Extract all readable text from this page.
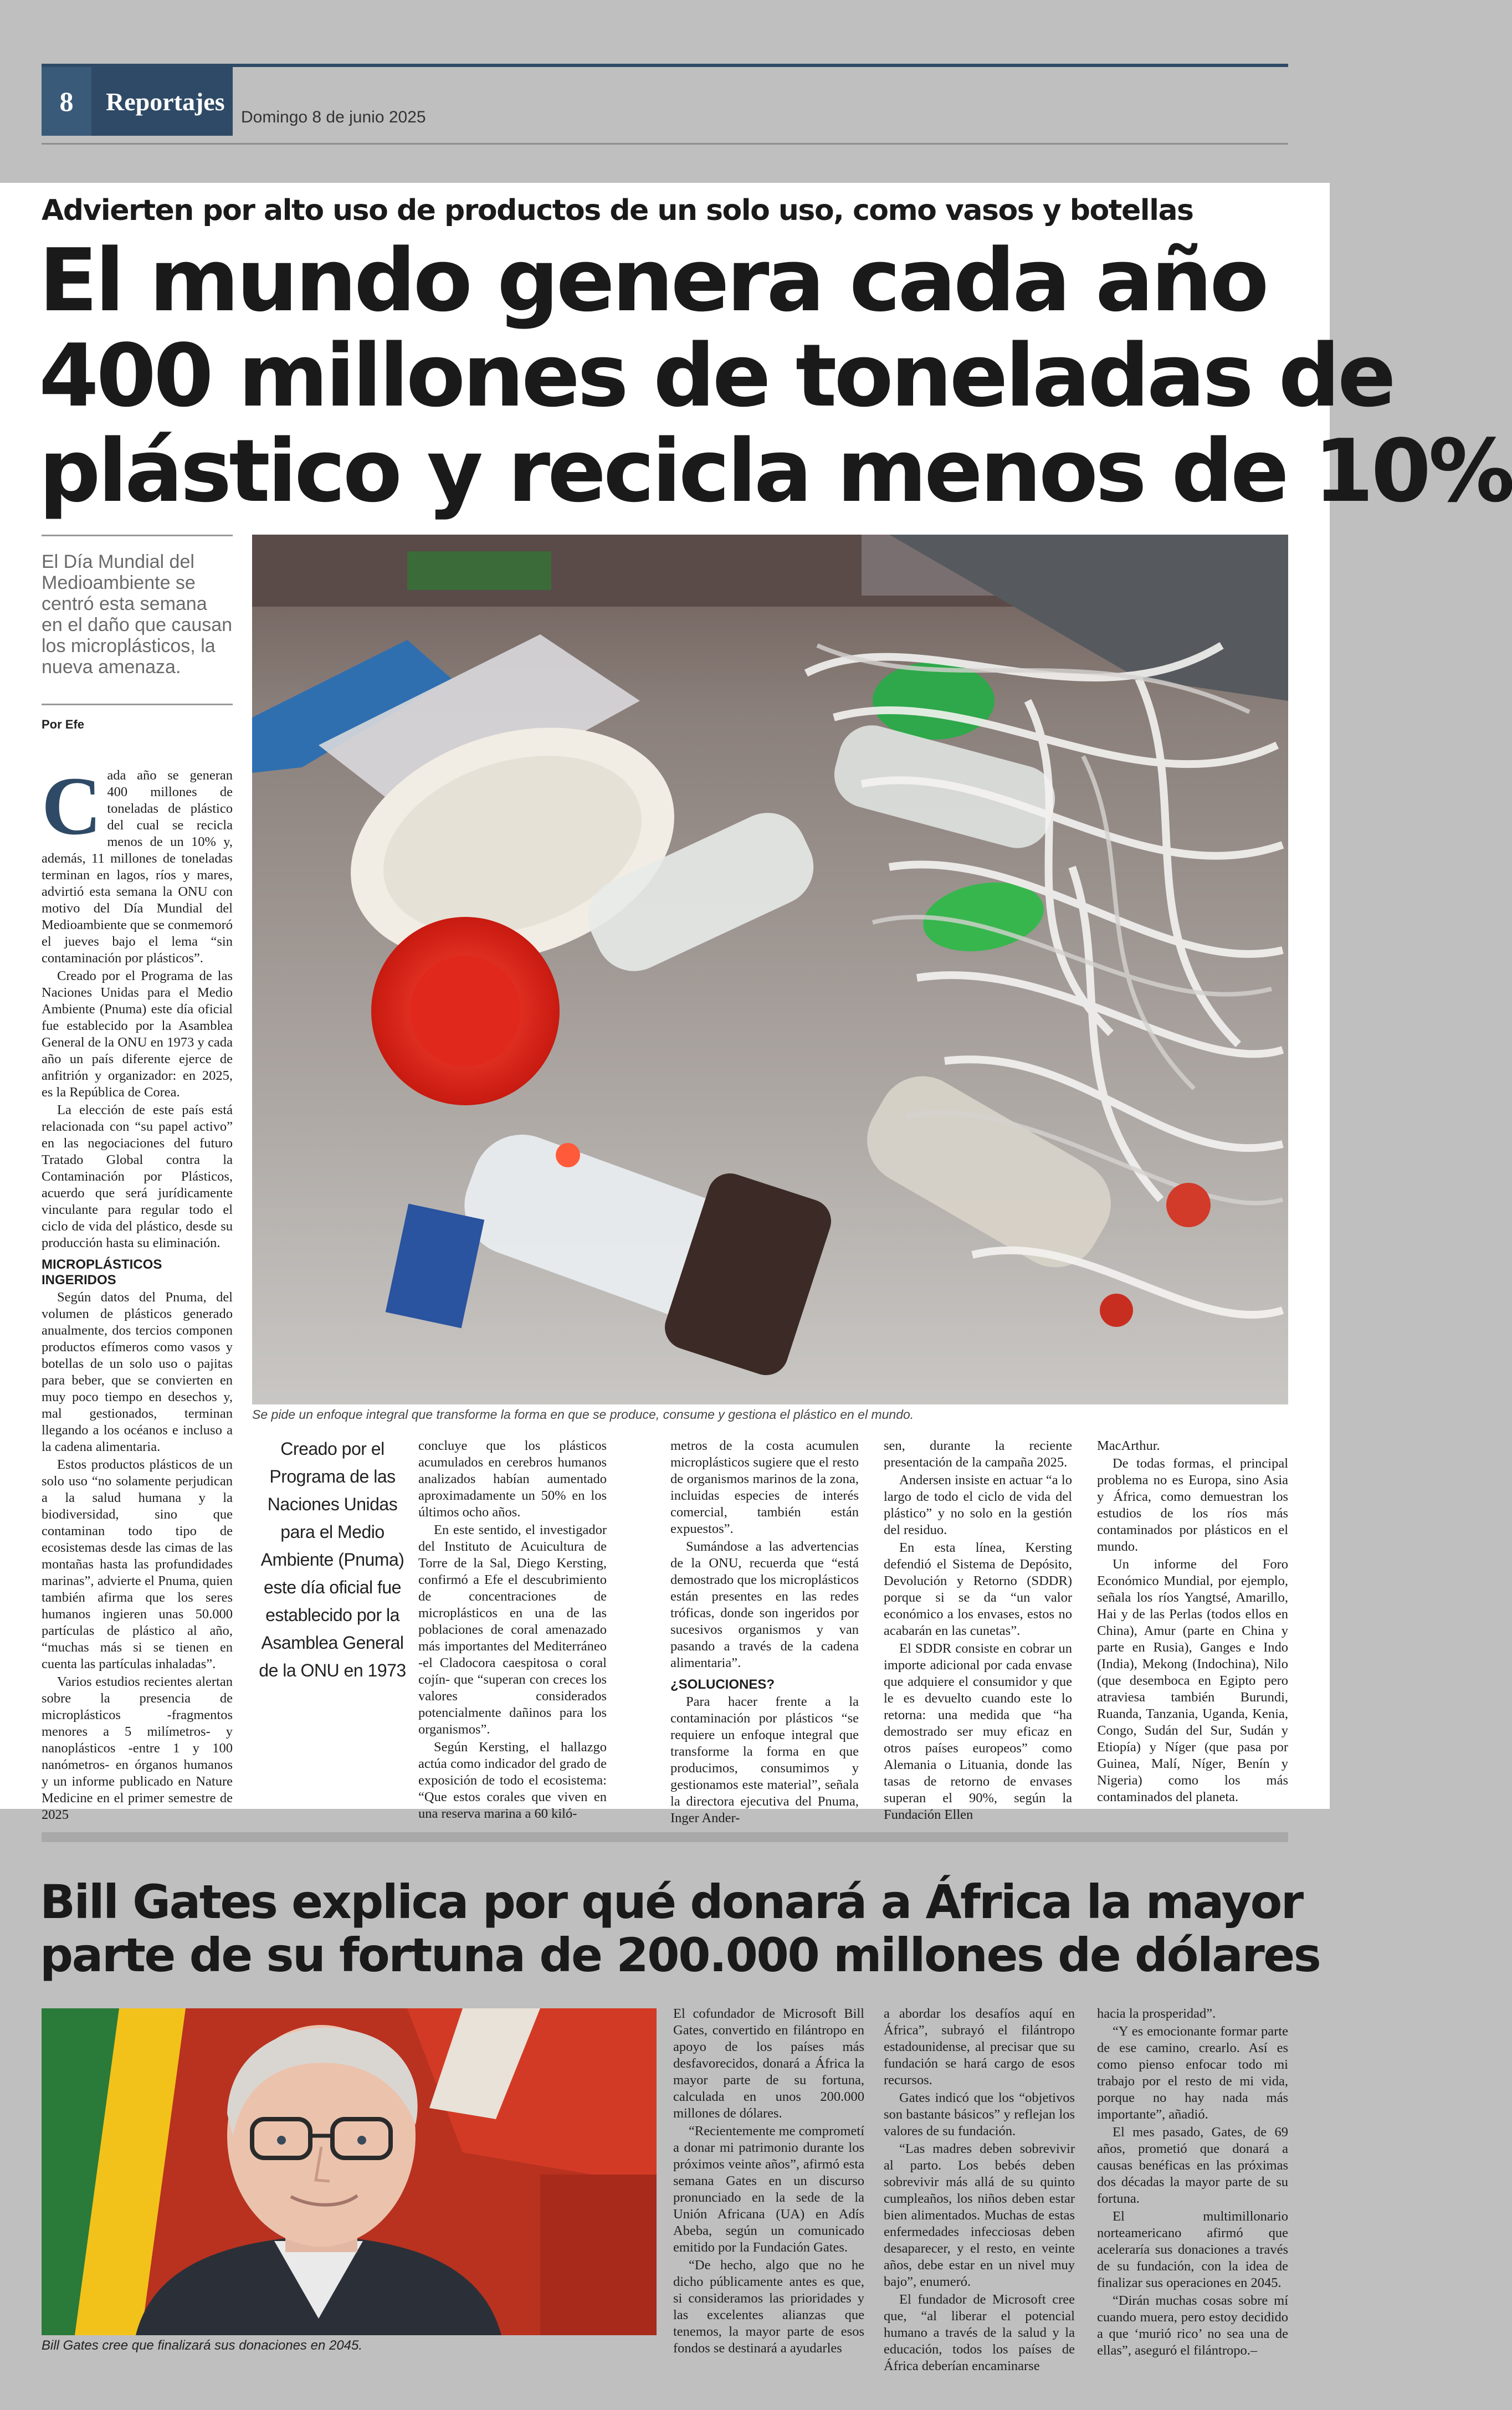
8	Reportajes
Domingo 8 de junio 2025
Advierten por alto uso de productos de un solo uso, como vasos y botellas
El mundo genera cada año
400 millones de toneladas de
plástico y recicla menos de 10%
El Día Mundial del Medioambiente se centró esta semana en el daño que causan los microplásticos, la nueva amenaza.
Por Efe
Se pide un enfoque integral que transforme la forma en que se produce, consume y gestiona el plástico en el mundo.
C ada año se generan 400 millones de toneladas de plástico del cual se recicla menos de un 10% y, además, 11 millones de toneladas terminan en lagos, ríos y mares, advirtió esta semana la ONU con motivo del Día Mundial del Medioambiente que se conmemoró el jueves bajo el lema “sin contaminación por plásticos”.

Creado por el Programa de las Naciones Unidas para el Medio Ambiente (Pnuma) este día oficial fue establecido por la Asamblea General de la ONU en 1973 y cada año un país diferente ejerce de anfitrión y organizador: en 2025, es la República de Corea.

La elección de este país está relacionada con “su papel activo” en las negociaciones del futuro Tratado Global contra la Contaminación por Plásticos, acuerdo que será jurídicamente vinculante para regular todo el ciclo de vida del plástico, desde su producción hasta su eliminación.

MICROPLÁSTICOS INGERIDOS

Según datos del Pnuma, del volumen de plásticos generado anualmente, dos tercios componen productos efímeros como vasos y botellas de un solo uso o pajitas para beber, que se convierten en muy poco tiempo en desechos y, mal gestionados, terminan llegando a los océanos e incluso a la cadena alimentaria.

Estos productos plásticos de un solo uso “no solamente perjudican a la salud humana y la biodiversidad, sino que contaminan todo tipo de ecosistemas desde las cimas de las montañas hasta las profundidades marinas”, advierte el Pnuma, quien también afirma que los seres humanos ingieren unas 50.000 partículas de plástico al año, “muchas más si se tienen en cuenta las partículas inhaladas”.

Varios estudios recientes alertan sobre la presencia de microplásticos -fragmentos menores a 5 milímetros- y nanoplásticos -entre 1 y 100 nanómetros- en órganos humanos y un informe publicado en Nature Medicine en el primer semestre de 2025

Creado por el Programa de las Naciones Unidas para el Medio Ambiente (Pnuma) este día oficial fue establecido por la Asamblea General de la ONU en 1973

concluye que los plásticos acumulados en cerebros humanos analizados habían aumentado aproximadamente un 50% en los últimos ocho años.

En este sentido, el investigador del Instituto de Acuicultura de Torre de la Sal, Diego Kersting, confirmó a Efe el descubrimiento de concentraciones de microplásticos en una de las poblaciones de coral amenazado más importantes del Mediterráneo -el Cladocora caespitosa o coral cojín- que “superan con creces los valores considerados potencialmente dañinos para los organismos”.

Según Kersting, el hallazgo actúa como indicador del grado de exposición de todo el ecosistema: “Que estos corales que viven en una reserva marina a 60 kiló-

metros de la costa acumulen microplásticos sugiere que el resto de organismos marinos de la zona, incluidas especies de interés comercial, también están expuestos”.

Sumándose a las advertencias de la ONU, recuerda que “está demostrado que los microplásticos están presentes en las redes tróficas, donde son ingeridos por sucesivos organismos y van pasando a través de la cadena alimentaria”.

¿SOLUCIONES?

Para hacer frente a la contaminación por plásticos “se requiere un enfoque integral que transforme la forma en que producimos, consumimos y gestionamos este material”, señala la directora ejecutiva del Pnuma, Inger Ander-

sen, durante la reciente presentación de la campaña 2025.

Andersen insiste en actuar “a lo largo de todo el ciclo de vida del plástico” y no solo en la gestión del residuo.

En esta línea, Kersting defendió el Sistema de Depósito, Devolución y Retorno (SDDR) porque si se da “un valor económico a los envases, estos no acabarán en las cunetas”.

El SDDR consiste en cobrar un importe adicional por cada envase que adquiere el consumidor y que le es devuelto cuando este lo retorna: una medida que “ha demostrado ser muy eficaz en otros países europeos” como Alemania o Lituania, donde las tasas de retorno de envases superan el 90%, según la Fundación Ellen

MacArthur.

De todas formas, el principal problema no es Europa, sino Asia y África, como demuestran los estudios de los ríos más contaminados por plásticos en el mundo.

Un informe del Foro Económico Mundial, por ejemplo, señala los ríos Yangtsé, Amarillo, Hai y de las Perlas (todos ellos en China), Amur (parte en China y parte en Rusia), Ganges e Indo (India), Mekong (Indochina), Nilo (que desemboca en Egipto pero atraviesa también Burundi, Ruanda, Tanzania, Uganda, Kenia, Congo, Sudán del Sur, Sudán y Etiopía) y Níger (que pasa por Guinea, Malí, Níger, Benín y Nigeria) como los más contaminados del planeta.

Bill Gates explica por qué donará a África la mayor
parte de su fortuna de 200.000 millones de dólares
Bill Gates cree que finalizará sus donaciones en 2045.

El cofundador de Microsoft Bill Gates, convertido en filántropo en apoyo de los países más desfavorecidos, donará a África la mayor parte de su fortuna, calculada en unos 200.000 millones de dólares.

“Recientemente me comprometí a donar mi patrimonio durante los próximos veinte años”, afirmó esta semana Gates en un discurso pronunciado en la sede de la Unión Africana (UA) en Adís Abeba, según un comunicado emitido por la Fundación Gates.

“De hecho, algo que no he dicho públicamente antes es que, si consideramos las prioridades y las excelentes alianzas que tenemos, la mayor parte de esos fondos se destinará a ayudarles

a abordar los desafíos aquí en África”, subrayó el filántropo estadounidense, al precisar que su fundación se hará cargo de esos recursos.

Gates indicó que los “objetivos son bastante básicos” y reflejan los valores de su fundación.

“Las madres deben sobrevivir al parto. Los bebés deben sobrevivir más allá de su quinto cumpleaños, los niños deben estar bien alimentados. Muchas de estas enfermedades infecciosas deben desaparecer, y el resto, en veinte años, debe estar en un nivel muy bajo”, enumeró.

El fundador de Microsoft cree que, “al liberar el potencial humano a través de la salud y la educación, todos los países de África deberían encaminarse

hacia la prosperidad”.

“Y es emocionante formar parte de ese camino, crearlo. Así es como pienso enfocar todo mi trabajo por el resto de mi vida, porque no hay nada más importante”, añadió.

El mes pasado, Gates, de 69 años, prometió que donará a causas benéficas en las próximas dos décadas la mayor parte de su fortuna.

El multimillonario norteamericano afirmó que aceleraría sus donaciones a través de su fundación, con la idea de finalizar sus operaciones en 2045.

“Dirán muchas cosas sobre mí cuando muera, pero estoy decidido a que ‘murió rico’ no sea una de ellas”, aseguró el filántropo.–
